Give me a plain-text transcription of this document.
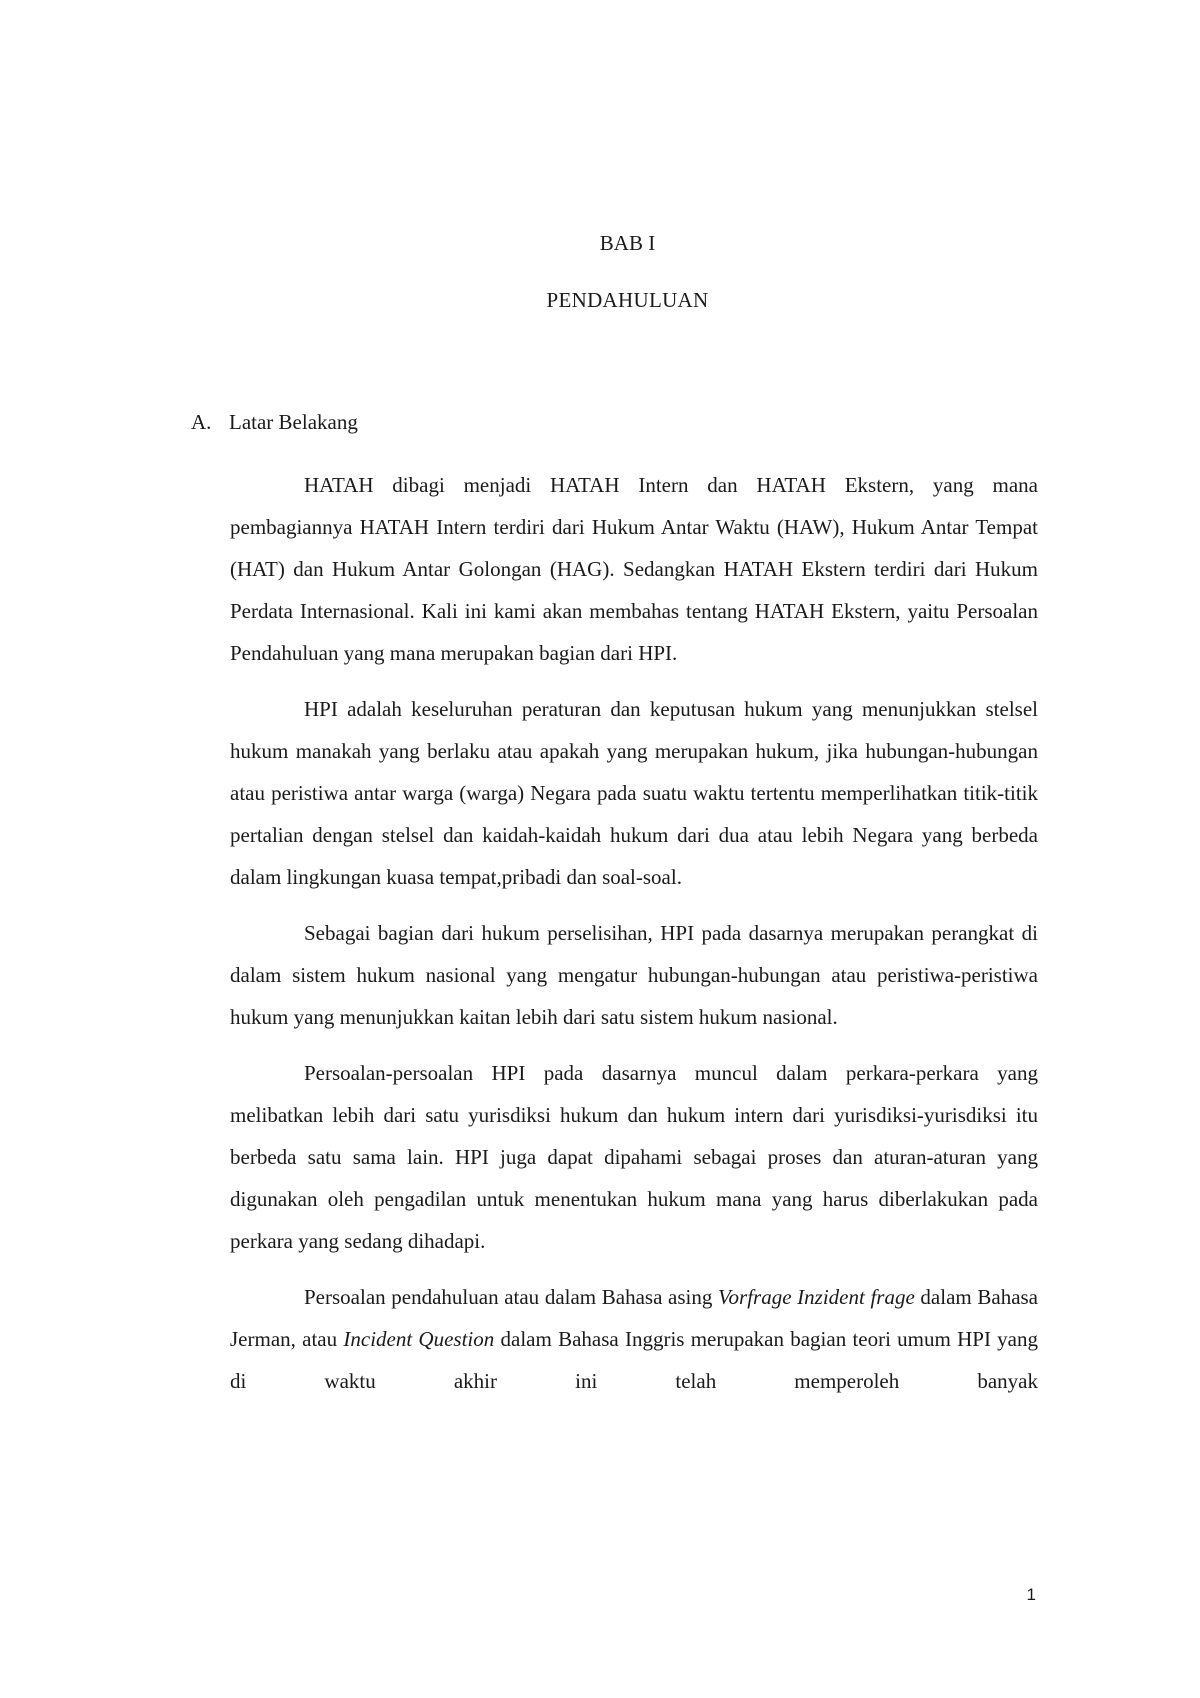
BAB I
PENDAHULUAN
A. Latar Belakang

HATAH dibagi menjadi HATAH Intern dan HATAH Ekstern, yang mana pembagiannya HATAH Intern terdiri dari Hukum Antar Waktu (HAW), Hukum Antar Tempat (HAT) dan Hukum Antar Golongan (HAG). Sedangkan HATAH Ekstern terdiri dari Hukum Perdata Internasional. Kali ini kami akan membahas tentang HATAH Ekstern, yaitu Persoalan Pendahuluan yang mana merupakan bagian dari HPI.

HPI adalah keseluruhan peraturan dan keputusan hukum yang menunjukkan stelsel hukum manakah yang berlaku atau apakah yang merupakan hukum, jika hubungan-hubungan atau peristiwa antar warga (warga) Negara pada suatu waktu tertentu memperlihatkan titik-titik pertalian dengan stelsel dan kaidah-kaidah hukum dari dua atau lebih Negara yang berbeda dalam lingkungan kuasa tempat,pribadi dan soal-soal.

Sebagai bagian dari hukum perselisihan, HPI pada dasarnya merupakan perangkat di dalam sistem hukum nasional yang mengatur hubungan-hubungan atau peristiwa-peristiwa hukum yang menunjukkan kaitan lebih dari satu sistem hukum nasional.

Persoalan-persoalan HPI pada dasarnya muncul dalam perkara-perkara yang melibatkan lebih dari satu yurisdiksi hukum dan hukum intern dari yurisdiksi-yurisdiksi itu berbeda satu sama lain. HPI juga dapat dipahami sebagai proses dan aturan-aturan yang digunakan oleh pengadilan untuk menentukan hukum mana yang harus diberlakukan pada perkara yang sedang dihadapi.

Persoalan pendahuluan atau dalam Bahasa asing Vorfrage Inzident frage dalam Bahasa Jerman, atau Incident Question dalam Bahasa Inggris merupakan bagian teori umum HPI yang di waktu akhir ini telah memperoleh banyak

1
